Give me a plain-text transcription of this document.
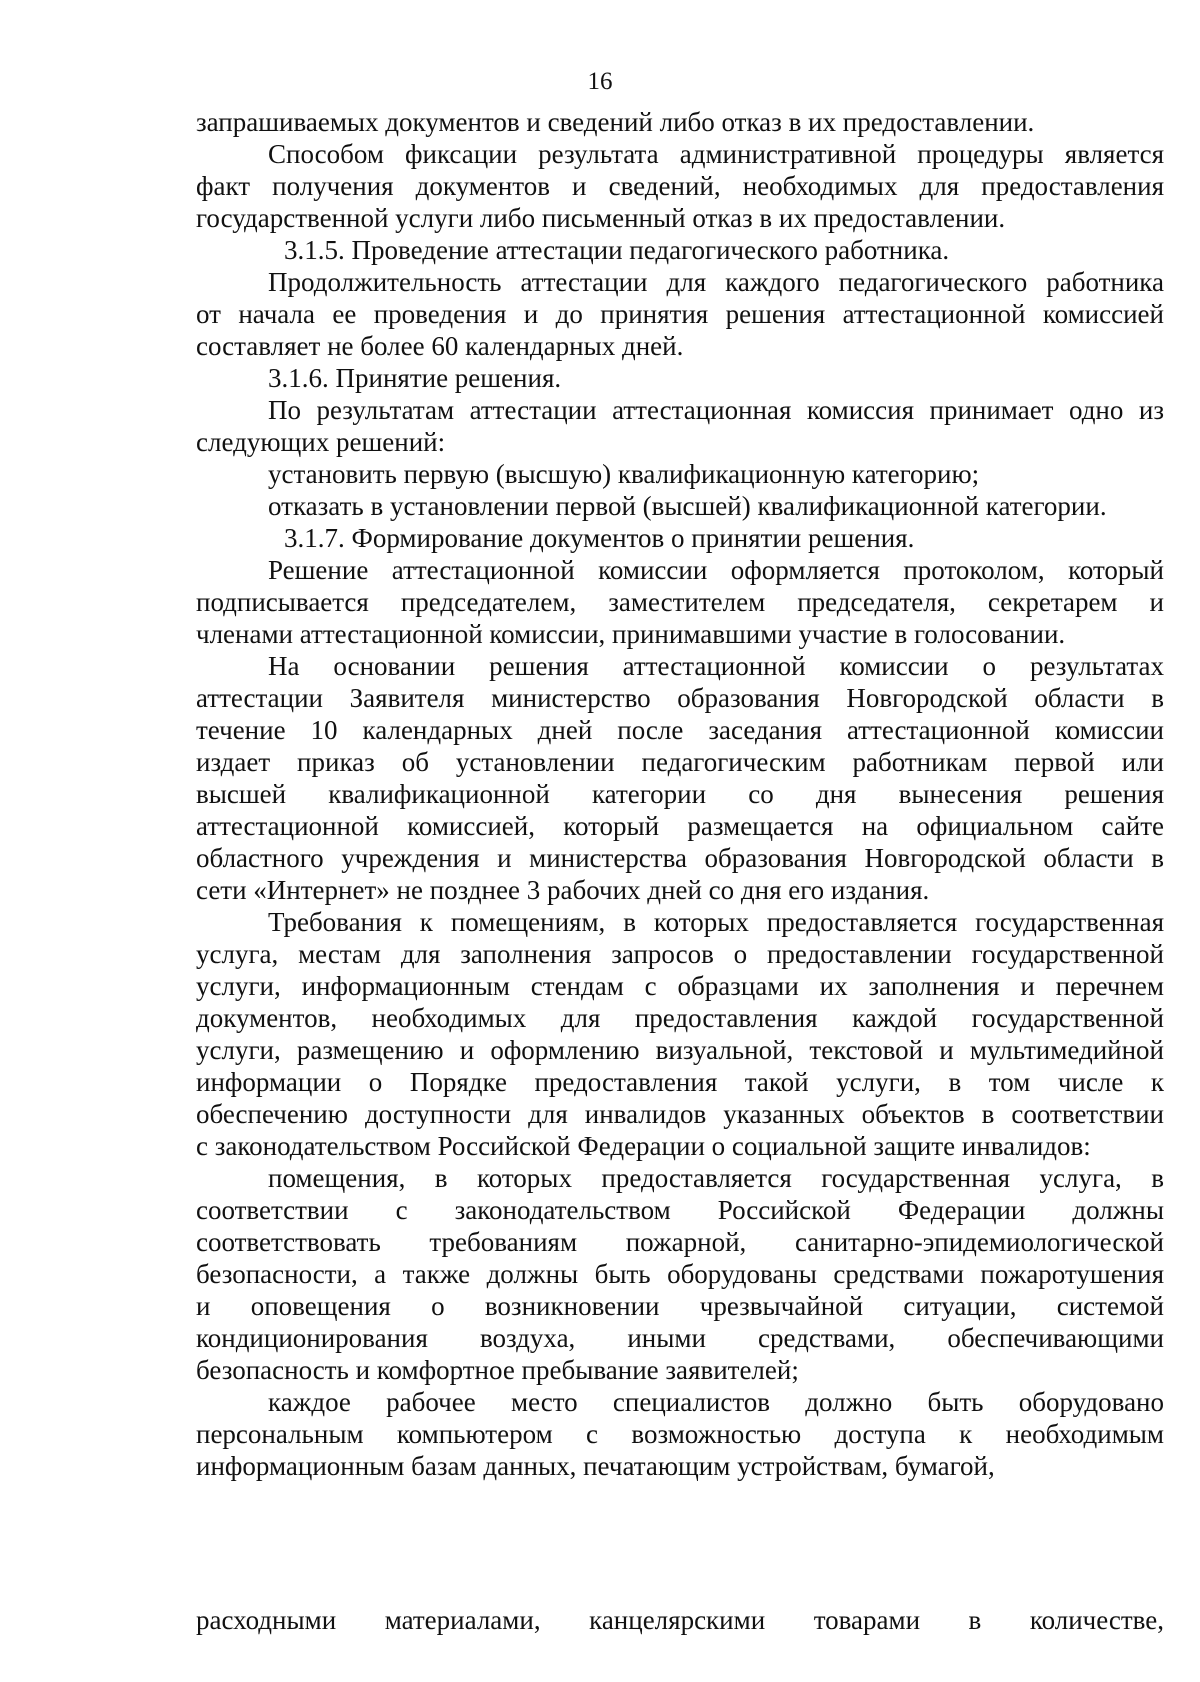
16
запрашиваемых документов и сведений либо отказ в их предоставлении.
Способом фиксации результата административной процедуры является
факт получения документов и сведений, необходимых для предоставления
государственной услуги либо письменный отказ в их предоставлении.
3.1.5. Проведение аттестации педагогического работника.
Продолжительность аттестации для каждого педагогического работника
от начала ее проведения и до принятия решения аттестационной комиссией
составляет не более 60 календарных дней.
3.1.6. Принятие решения.
По результатам аттестации аттестационная комиссия принимает одно из
следующих решений:
установить первую (высшую) квалификационную категорию;
отказать в установлении первой (высшей) квалификационной категории.
3.1.7. Формирование документов о принятии решения.
Решение аттестационной комиссии оформляется протоколом, который
подписывается председателем, заместителем председателя, секретарем и
членами аттестационной комиссии, принимавшими участие в голосовании.
На основании решения аттестационной комиссии о результатах
аттестации Заявителя министерство образования Новгородской области в
течение 10 календарных дней после заседания аттестационной комиссии
издает приказ об установлении педагогическим работникам первой или
высшей квалификационной категории со дня вынесения решения
аттестационной комиссией, который размещается на официальном сайте
областного учреждения и министерства образования Новгородской области в
сети «Интернет» не позднее 3 рабочих дней со дня его издания.
Требования к помещениям, в которых предоставляется государственная
услуга, местам для заполнения запросов о предоставлении государственной
услуги, информационным стендам с образцами их заполнения и перечнем
документов, необходимых для предоставления каждой государственной
услуги, размещению и оформлению визуальной, текстовой и мультимедийной
информации о Порядке предоставления такой услуги, в том числе к
обеспечению доступности для инвалидов указанных объектов в соответствии
с законодательством Российской Федерации о социальной защите инвалидов:
помещения, в которых предоставляется государственная услуга, в
соответствии с законодательством Российской Федерации должны
соответствовать требованиям пожарной, санитарно-эпидемиологической
безопасности, а также должны быть оборудованы средствами пожаротушения
и оповещения о возникновении чрезвычайной ситуации, системой
кондиционирования воздуха, иными средствами, обеспечивающими
безопасность и комфортное пребывание заявителей;
каждое рабочее место специалистов должно быть оборудовано
персональным компьютером с возможностью доступа к необходимым
информационным базам данных, печатающим устройствам, бумагой,
расходными материалами, канцелярскими товарами в количестве,
